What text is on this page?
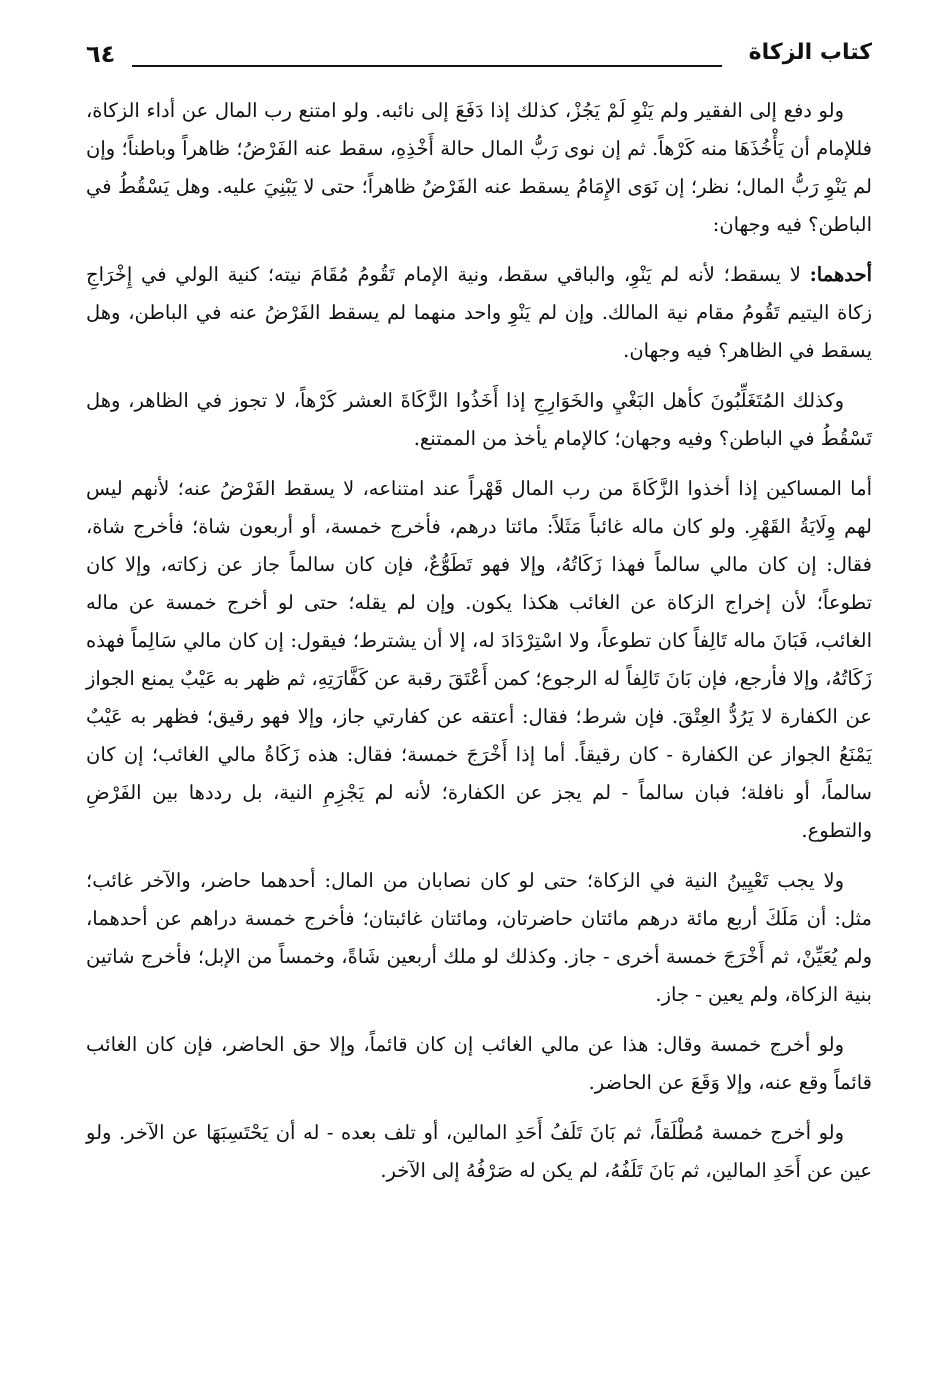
٦٤	كتاب الزكاة

ولو دفع إلى الفقير ولم يَنْوِ لَمْ يَجُزْ، كذلك إذا دَفَعَ إلى نائبه. ولو امتنع رب المال عن أداء الزكاة، فللإمام أن يَأْخُذَهَا منه كَرْهاً. ثم إن نوى رَبُّ المال حالة أَخْذِهِ، سقط عنه الفَرْضُ؛ ظاهراً وباطناً؛ وإن لم يَنْوِ رَبُّ المال؛ نظر؛ إن نَوَى الإِمَامُ يسقط عنه الفَرْضُ ظاهراً؛ حتى لا يَبْنِيَ عليه. وهل يَسْقُطُ في الباطن؟ فيه وجهان:

أحدهما: لا يسقط؛ لأنه لم يَنْوِ، والباقي سقط، ونية الإمام تَقُومُ مُقَامَ نيته؛ كنية الولي في إِخْرَاجِ زكاة اليتيم تَقُومُ مقام نية المالك. وإن لم يَنْوِ واحد منهما لم يسقط الفَرْضُ عنه في الباطن، وهل يسقط في الظاهر؟ فيه وجهان.

وكذلك المُتَغَلِّبُونَ كأهل البَغْيِ والخَوَارِجِ إذا أَخَذُوا الزَّكَاةَ العشر كَرْهاً، لا تجوز في الظاهر، وهل تَسْقُطُ في الباطن؟ وفيه وجهان؛ كالإمام يأخذ من الممتنع.

أما المساكين إذا أخذوا الزَّكَاةَ من رب المال قَهْراً عند امتناعه، لا يسقط الفَرْضُ عنه؛ لأنهم ليس لهم وِلَايَةُ القَهْرِ. ولو كان ماله غائباً مَثَلاً: مائتا درهم، فأخرج خمسة، أو أربعون شاة؛ فأخرج شاة، فقال: إن كان مالي سالماً فهذا زَكَاتُهُ، وإلا فهو تَطَوُّعٌ، فإن كان سالماً جاز عن زكاته، وإلا كان تطوعاً؛ لأن إخراج الزكاة عن الغائب هكذا يكون. وإن لم يقله؛ حتى لو أخرج خمسة عن ماله الغائب، فَبَانَ ماله تَالِفاً كان تطوعاً، ولا اسْتِرْدَادَ له، إلا أن يشترط؛ فيقول: إن كان مالي سَالِماً فهذه زَكَاتُهُ، وإلا فأرجع، فإن بَانَ تَالِفاً له الرجوع؛ كمن أَعْتَقَ رقبة عن كَفَّارَتِهِ، ثم ظهر به عَيْبٌ يمنع الجواز عن الكفارة لا يَرُدُّ العِتْقَ. فإن شرط؛ فقال: أعتقه عن كفارتي جاز، وإلا فهو رقيق؛ فظهر به عَيْبٌ يَمْنَعُ الجواز عن الكفارة - كان رقيقاً. أما إذا أَخْرَجَ خمسة؛ فقال: هذه زَكَاةُ مالي الغائب؛ إن كان سالماً، أو نافلة؛ فبان سالماً - لم يجز عن الكفارة؛ لأنه لم يَجْزِمِ النية، بل رددها بين الفَرْضِ والتطوع.

ولا يجب تَعْيِينُ النية في الزكاة؛ حتى لو كان نصابان من المال: أحدهما حاضر، والآخر غائب؛ مثل: أن مَلَكَ أربع مائة درهم مائتان حاضرتان، ومائتان غائبتان؛ فأخرج خمسة دراهم عن أحدهما، ولم يُعَيِّنْ، ثم أَخْرَجَ خمسة أخرى - جاز. وكذلك لو ملك أربعين شَاةً، وخمساً من الإبل؛ فأخرج شاتين بنية الزكاة، ولم يعين - جاز.

ولو أخرج خمسة وقال: هذا عن مالي الغائب إن كان قائماً، وإلا حق الحاضر، فإن كان الغائب قائماً وقع عنه، وإلا وَقَعَ عن الحاضر.

ولو أخرج خمسة مُطْلَقاً، ثم بَانَ تَلَفُ أَحَدِ المالين، أو تلف بعده - له أن يَحْتَسِبَهَا عن الآخر. ولو عين عن أَحَدِ المالين، ثم بَانَ تَلَفُهُ، لم يكن له صَرْفُهُ إلى الآخر.
